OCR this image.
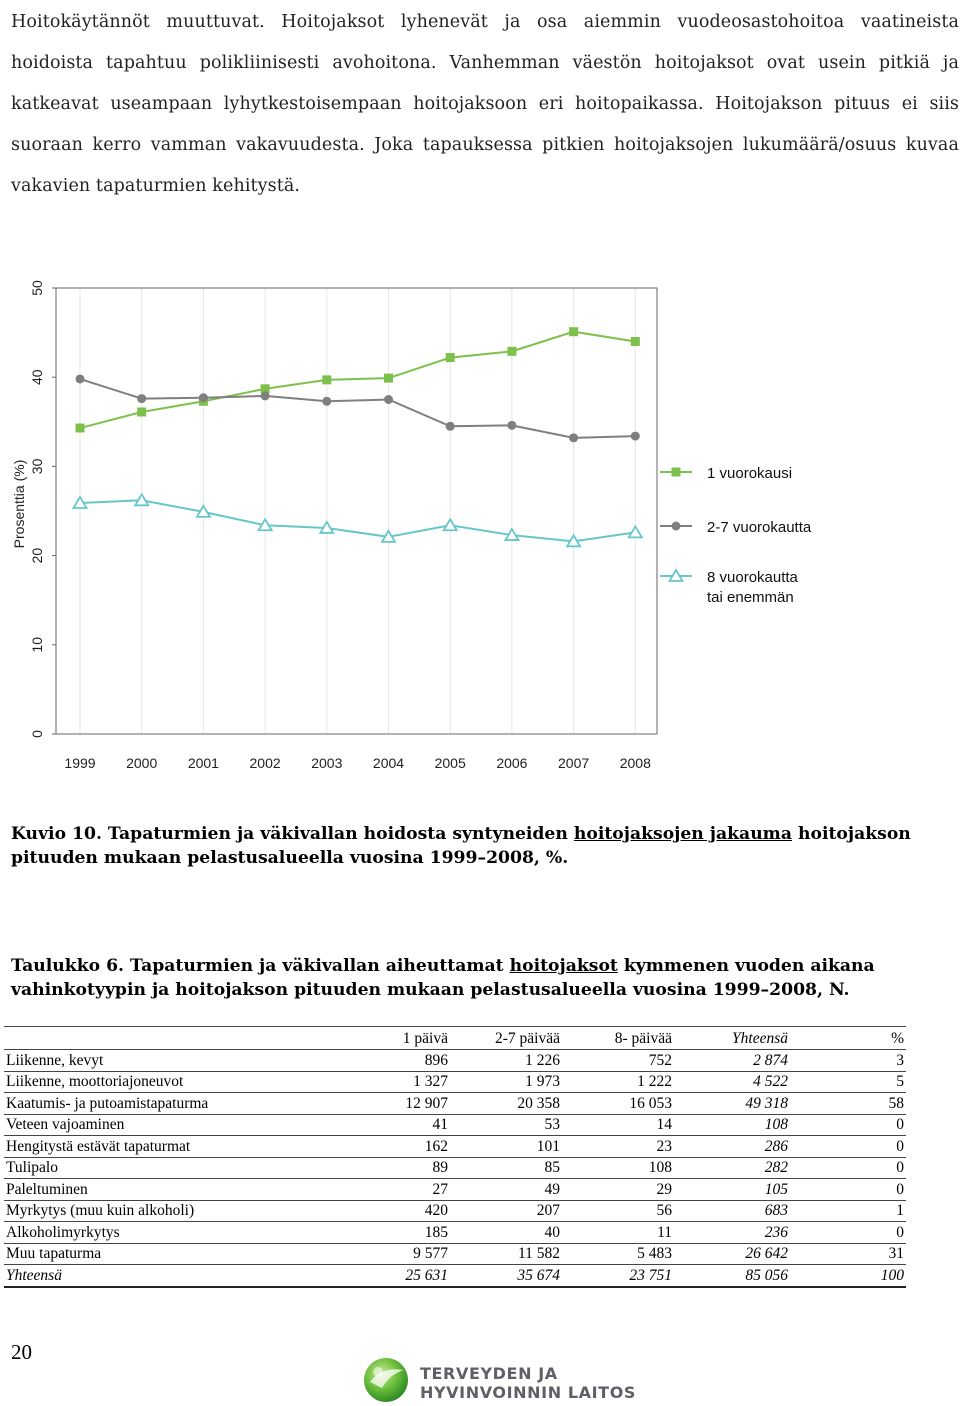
Hoitokäytännöt muuttuvat. Hoitojaksot lyhenevät ja osa aiemmin vuodeosastohoitoa vaatineista hoidoista tapahtuu polikliinisesti avohoitona. Vanhemman väestön hoitojaksot ovat usein pitkiä ja katkeavat useampaan lyhytkestoisempaan hoitojaksoon eri hoitopaikassa. Hoitojakson pituus ei siis suoraan kerro vamman vakavuudesta. Joka tapauksessa pitkien hoitojaksojen lukumäärä/osuus kuvaa vakavien tapaturmien kehitystä.
0
10
20
30
40
50
Prosenttia (%)
1999 2000 2001 2002 2003 2004 2005 2006 2007 2008
1 vuorokausi
2-7 vuorokautta
8 vuorokautta
tai enemmän
Kuvio 10. Tapaturmien ja väkivallan hoidosta syntyneiden hoitojaksojen jakauma hoitojakson pituuden mukaan pelastusalueella vuosina 1999–2008, %.
Taulukko 6. Tapaturmien ja väkivallan aiheuttamat hoitojaksot kymmenen vuoden aikana vahinkotyypin ja hoitojakson pituuden mukaan pelastusalueella vuosina 1999–2008, N.
	1 päivä	2-7 päivää	8- päivää	Yhteensä	%
Liikenne, kevyt	896	1 226	752	2 874	3
Liikenne, moottoriajoneuvot	1 327	1 973	1 222	4 522	5
Kaatumis- ja putoamistapaturma	12 907	20 358	16 053	49 318	58
Veteen vajoaminen	41	53	14	108	0
Hengitystä estävät tapaturmat	162	101	23	286	0
Tulipalo	89	85	108	282	0
Paleltuminen	27	49	29	105	0
Myrkytys (muu kuin alkoholi)	420	207	56	683	1
Alkoholimyrkytys	185	40	11	236	0
Muu tapaturma	9 577	11 582	5 483	26 642	31
Yhteensä	25 631	35 674	23 751	85 056	100
20
TERVEYDEN JA
HYVINVOINNIN LAITOS
